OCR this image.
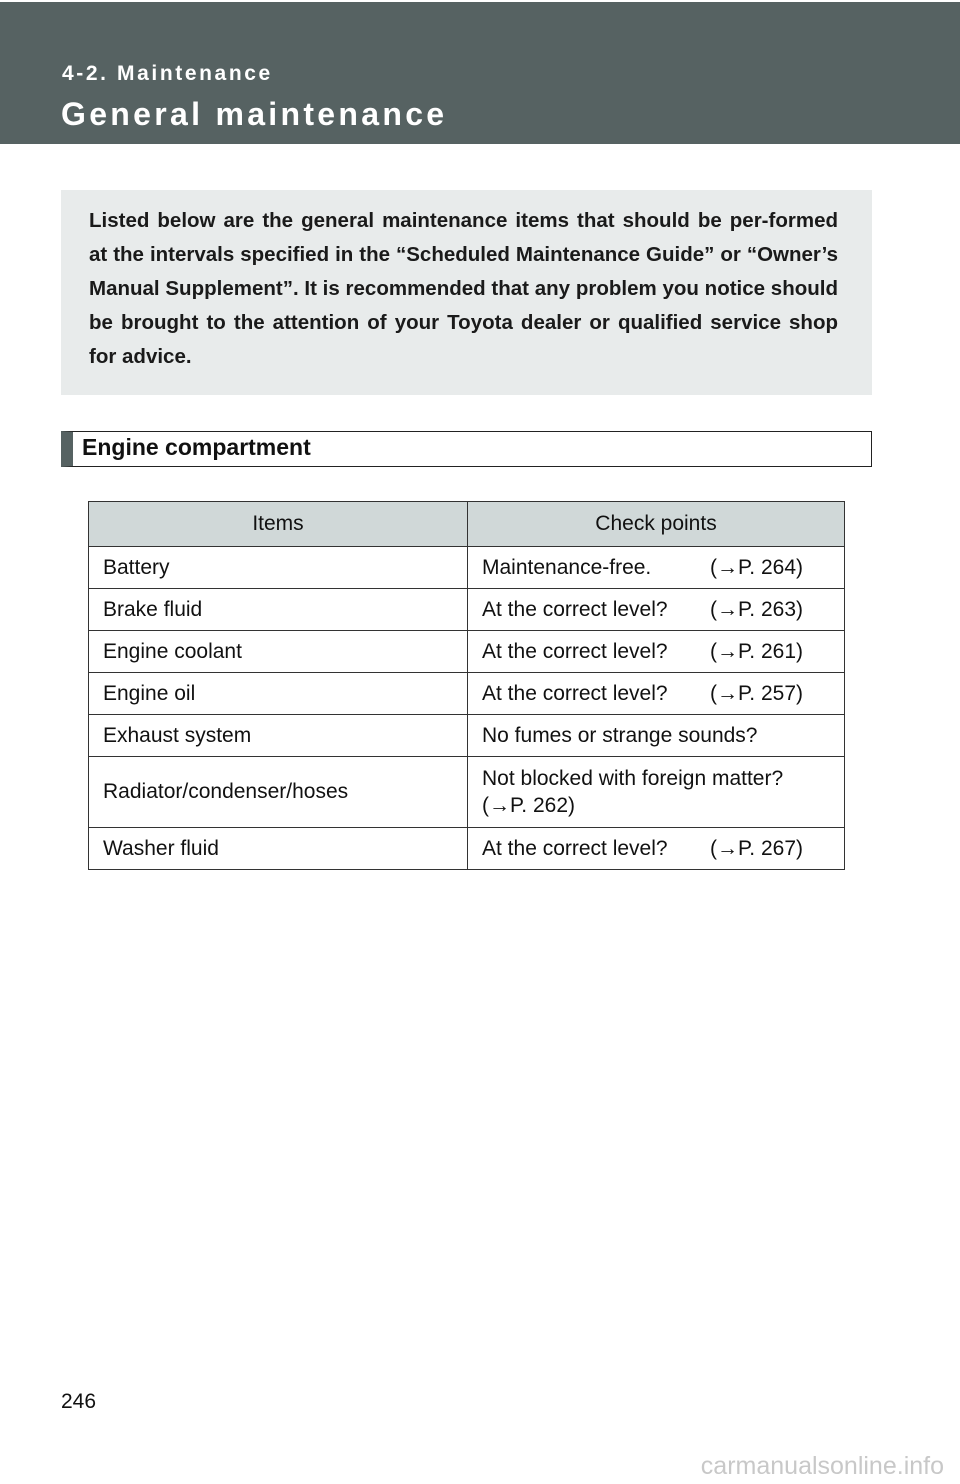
4-2. Maintenance
General maintenance
Listed below are the general maintenance items that should be per-formed at the intervals specified in the “Scheduled Maintenance Guide” or “Owner’s Manual Supplement”. It is recommended that any problem you notice should be brought to the attention of your Toyota dealer or qualified service shop for advice.
Engine compartment
Items	Check points
Battery	Maintenance-free. (→P. 264)

Brake fluid	At the correct level? (→P. 263)

Engine coolant	At the correct level? (→P. 261)

Engine oil	At the correct level? (→P. 257)

Exhaust system	No fumes or strange sounds?
Radiator/condenser/hoses	Not blocked with foreign matter?
(→P. 262)

Washer fluid	At the correct level? (→P. 267)
246
carmanualsonline.info
